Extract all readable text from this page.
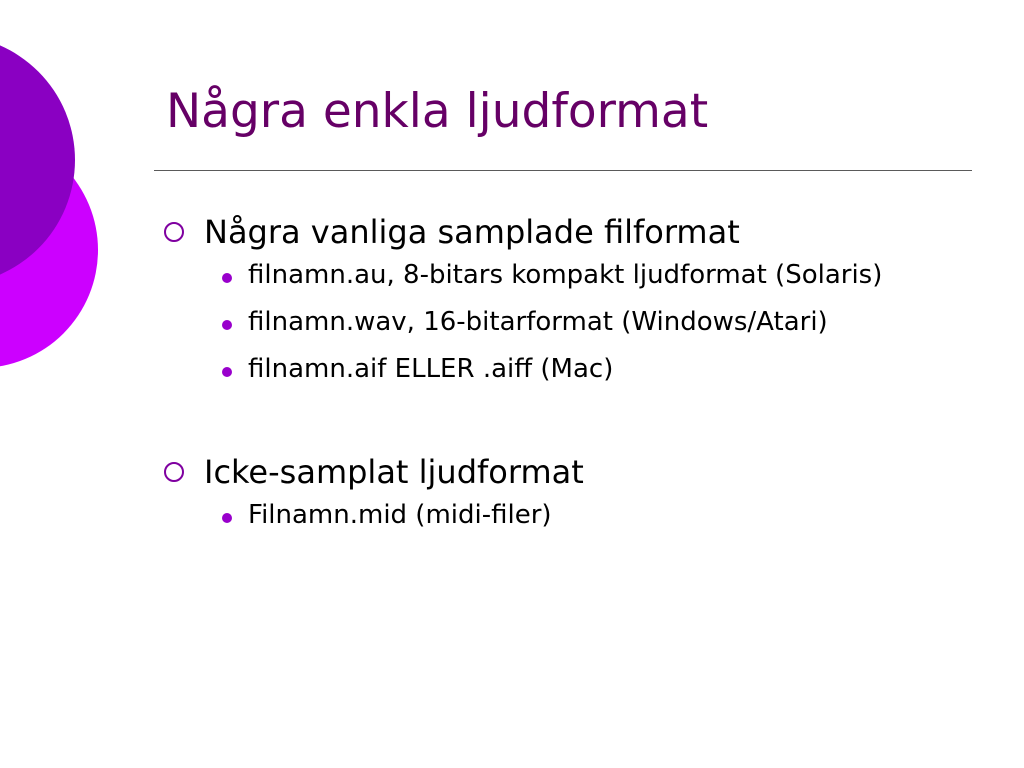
Några enkla ljudformat
Några vanliga samplade filformat
filnamn.au, 8-bitars kompakt ljudformat (Solaris)
filnamn.wav, 16-bitarformat (Windows/Atari)
filnamn.aif ELLER .aiff (Mac)
Icke-samplat ljudformat
Filnamn.mid (midi-filer)
